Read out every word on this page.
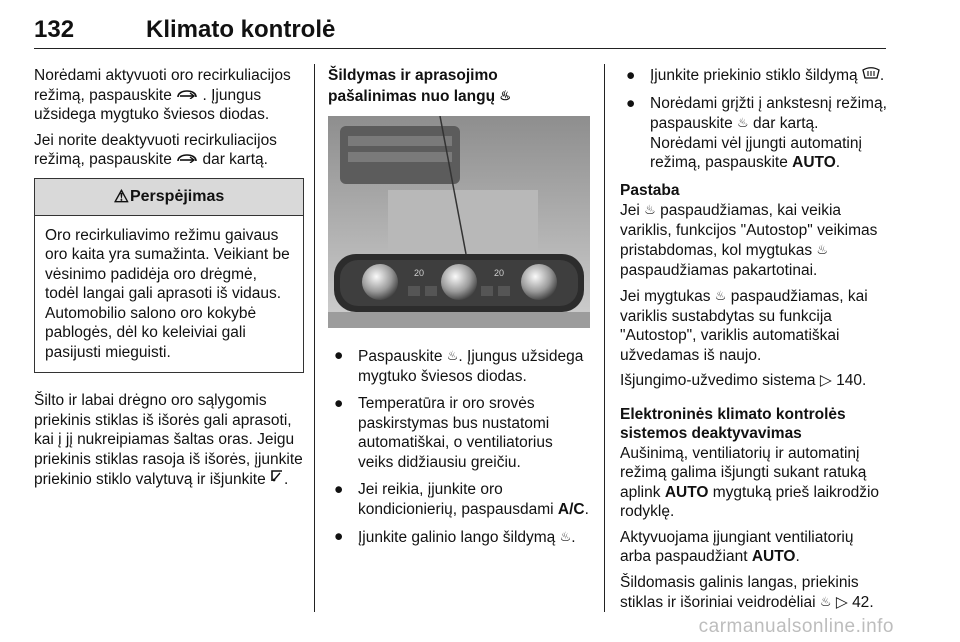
132	Klimato kontrolė

Norėdami aktyvuoti oro recirkuliacijos režimą, paspauskite  . Įjungus užsidega mygtuko šviesos diodas.

Jei norite deaktyvuoti recirkuliacijos režimą, paspauskite  dar kartą.

⚠ Perspėjimas
Oro recirkuliavimo režimu gaivaus oro kaita yra sumažinta. Veikiant be vėsinimo padidėja oro drėgmė, todėl langai gali aprasoti iš vidaus. Automobilio salono oro kokybė pablogės, dėl ko keleiviai gali pasijusti mieguisti.

Šilto ir labai drėgno oro sąlygomis priekinis stiklas iš išorės gali aprasoti, kai į jį nukreipiamas šaltas oras. Jeigu priekinis stiklas rasoja iš išorės, įjunkite priekinio stiklo valytuvą ir išjunkite .

Šildymas ir aprasojimo pašalinimas nuo langų ♨

20	20
● Paspauskite ♨. Įjungus užsidega mygtuko šviesos diodas.
● Temperatūra ir oro srovės paskirstymas bus nustatomi automatiškai, o ventiliatorius veiks didžiausiu greičiu.
● Jei reikia, įjunkite oro kondicionierių, paspausdami A/C.
● Įjunkite galinio lango šildymą ♨.
● Įjunkite priekinio stiklo šildymą .
● Norėdami grįžti į ankstesnį režimą, paspauskite ♨ dar kartą. Norėdami vėl įjungti automatinį režimą, paspauskite AUTO.

Pastaba

Jei ♨ paspaudžiamas, kai veikia variklis, funkcijos "Autostop" veikimas pristabdomas, kol mygtukas ♨ paspaudžiamas pakartotinai.

Jei mygtukas ♨ paspaudžiamas, kai variklis sustabdytas su funkcija "Autostop", variklis automatiškai užvedamas iš naujo.

Išjungimo-užvedimo sistema ▷ 140.

Elektroninės klimato kontrolės sistemos deaktyvavimas

Aušinimą, ventiliatorių ir automatinį režimą galima išjungti sukant ratuką aplink AUTO mygtuką prieš laikrodžio rodyklę.

Aktyvuojama įjungiant ventiliatorių arba paspaudžiant AUTO.

Šildomasis galinis langas, priekinis stiklas ir išoriniai veidrodėliai ♨ ▷ 42.

carmanualsonline.info
